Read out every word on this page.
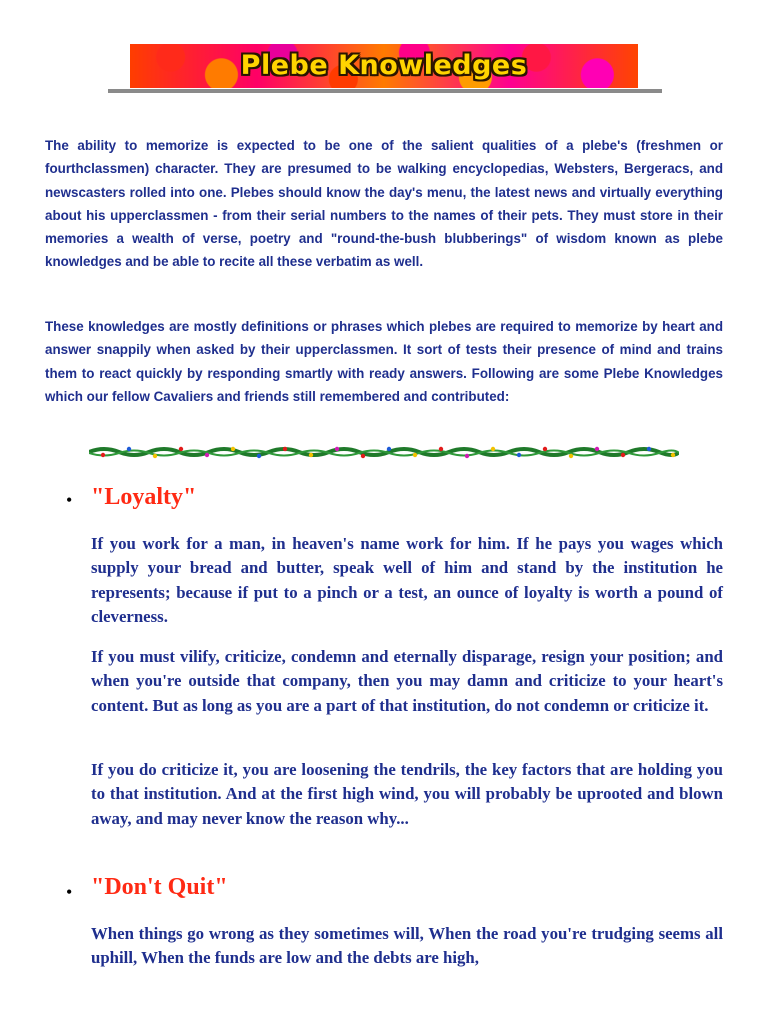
Plebe Knowledges

The ability to memorize is expected to be one of the salient qualities of a plebe's (freshmen or fourthclassmen) character. They are presumed to be walking encyclopedias, Websters, Bergeracs, and newscasters rolled into one. Plebes should know the day's menu, the latest news and virtually everything about his upperclassmen - from their serial numbers to the names of their pets. They must store in their memories a wealth of verse, poetry and "round-the-bush blubberings" of wisdom known as plebe knowledges and be able to recite all these verbatim as well.

These knowledges are mostly definitions or phrases which plebes are required to memorize by heart and answer snappily when asked by their upperclassmen. It sort of tests their presence of mind and trains them to react quickly by responding smartly with ready answers. Following are some Plebe Knowledges which our fellow Cavaliers and friends still remembered and contributed:

• "Loyalty"

If you work for a man, in heaven's name work for him. If he pays you wages which supply your bread and butter, speak well of him and stand by the institution he represents; because if put to a pinch or a test, an ounce of loyalty is worth a pound of cleverness.

If you must vilify, criticize, condemn and eternally disparage, resign your position; and when you're outside that company, then you may damn and criticize to your heart's content. But as long as you are a part of that institution, do not condemn or criticize it.

If you do criticize it, you are loosening the tendrils, the key factors that are holding you to that institution. And at the first high wind, you will probably be uprooted and blown away, and may never know the reason why...

• "Don't Quit"

When things go wrong as they sometimes will, When the road you're trudging seems all uphill, When the funds are low and the debts are high,
